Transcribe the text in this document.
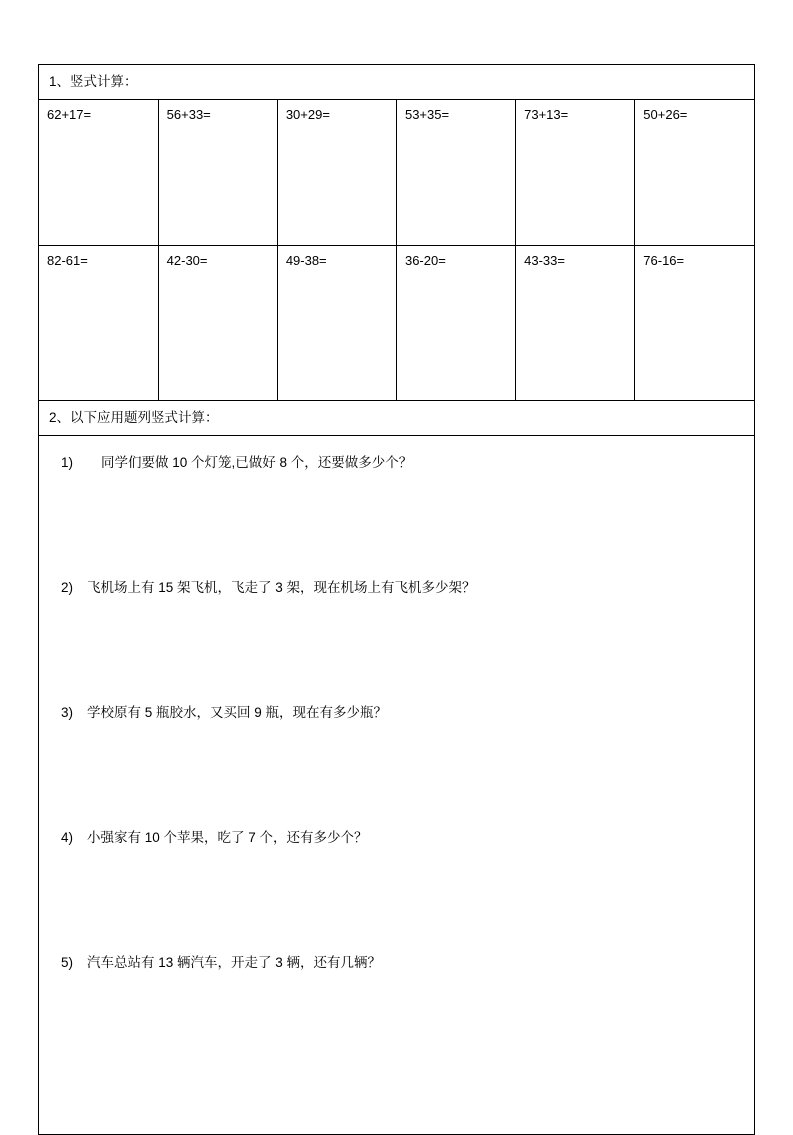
1、竖式计算：
62+17=	56+33=	30+29=	53+35=	73+13=	50+26=

82-61=	42-30=	49-38=	36-20=	43-33=	76-16=

2、以下应用题列竖式计算：
1)	同学们要做 10 个灯笼,已做好 8 个，还要做多少个？
2)	飞机场上有 15 架飞机，飞走了 3 架，现在机场上有飞机多少架？
3)	学校原有 5 瓶胶水，又买回 9 瓶，现在有多少瓶？
4)	小强家有 10 个苹果，吃了 7 个，还有多少个？
5)	汽车总站有 13 辆汽车，开走了 3 辆，还有几辆？
